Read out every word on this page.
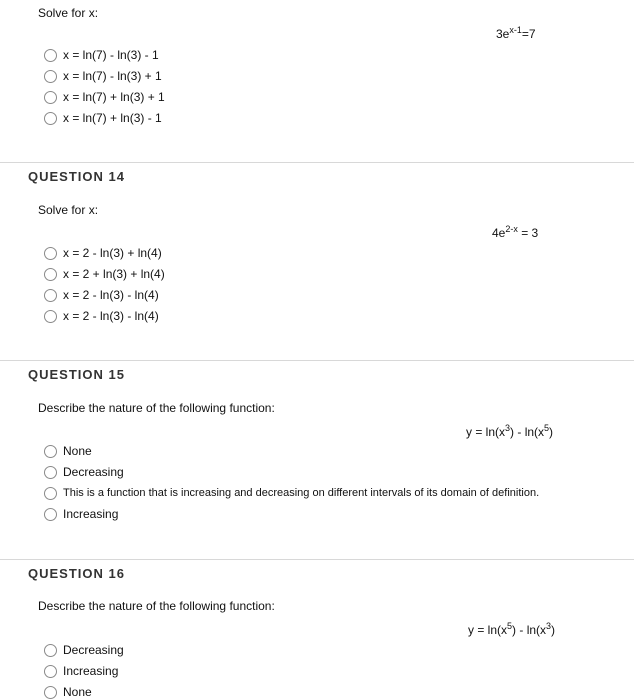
Solve for x:
$3e^{x-1}=7$
x = ln(7) - ln(3) - 1
x = ln(7) - ln(3) + 1
x = ln(7) + ln(3) + 1
x = ln(7) + ln(3) - 1
QUESTION 14
Solve for x:
$4e^{2-x} = 3$
x = 2 - ln(3) + ln(4)
x = 2 + ln(3) + ln(4)
x = 2 - ln(3) - ln(4)
x = 2 - ln(3) - ln(4)
QUESTION 15
Describe the nature of the following function:
$y = \ln(x^3) - \ln(x^5)$
None
Decreasing
This is a function that is increasing and decreasing on different intervals of its domain of definition.
Increasing
QUESTION 16
Describe the nature of the following function:
$y = \ln(x^5) - \ln(x^3)$
Decreasing
Increasing
None
